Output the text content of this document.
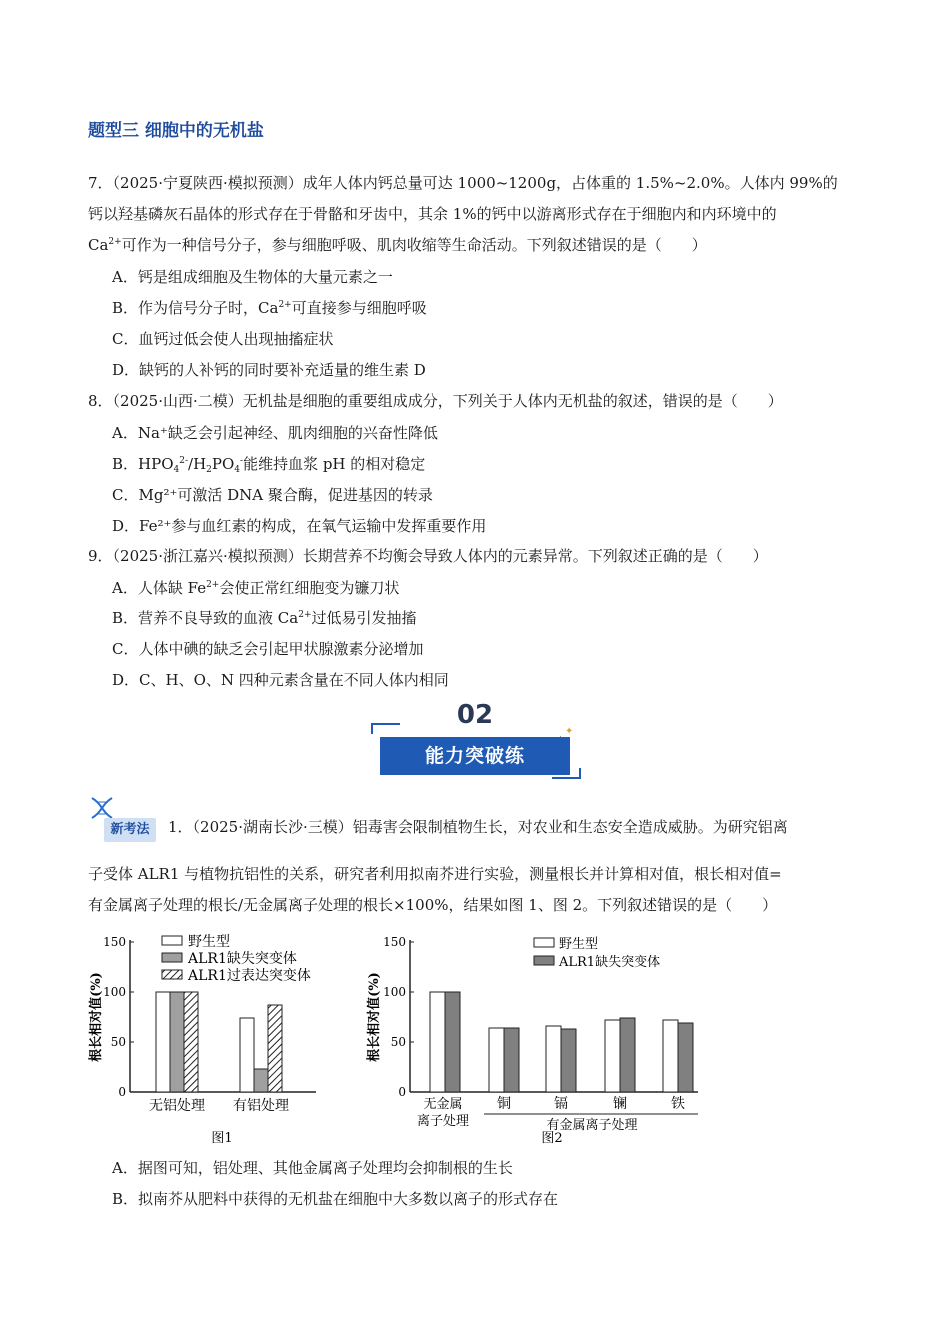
题型三 细胞中的无机盐
7．（2025·宁夏陕西·模拟预测）成年人体内钙总量可达 1000~1200g，占体重的 1.5%~2.0%。人体内 99%的
钙以羟基磷灰石晶体的形式存在于骨骼和牙齿中，其余 1%的钙中以游离形式存在于细胞内和内环境中的
$Ca^{2+}$可作为一种信号分子，参与细胞呼吸、肌肉收缩等生命活动。下列叙述错误的是（　　）
A．钙是组成细胞及生物体的大量元素之一
B．作为信号分子时，$Ca^{2+}$可直接参与细胞呼吸
C．血钙过低会使人出现抽搐症状
D．缺钙的人补钙的同时要补充适量的维生素 D
8．（2025·山西·二模）无机盐是细胞的重要组成成分，下列关于人体内无机盐的叙述，错误的是（　　）
A．Na⁺缺乏会引起神经、肌肉细胞的兴奋性降低
B．$HPO_4^{2-}/H_2PO_4^-$能维持血浆 pH 的相对稳定
C．Mg²⁺可激活 DNA 聚合酶，促进基因的转录
D．Fe²⁺参与血红素的构成，在氧气运输中发挥重要作用
9．（2025·浙江嘉兴·模拟预测）长期营养不均衡会导致人体内的元素异常。下列叙述正确的是（　　）
A．人体缺 $Fe^{2+}$会使正常红细胞变为镰刀状
B．营养不良导致的血液 $Ca^{2+}$过低易引发抽搐
C．人体中碘的缺乏会引起甲状腺激素分泌增加
D．C、H、O、N 四种元素含量在不同人体内相同
✦
02
能力突破练
新考法	1．（2025·湖南长沙·三模）铝毒害会限制植物生长，对农业和生态安全造成威胁。为研究铝离
子受体 ALR1 与植物抗铝性的关系，研究者利用拟南芥进行实验，测量根长并计算相对值，根长相对值=
有金属离子处理的根长/无金属离子处理的根长×100%，结果如图 1、图 2。下列叙述错误的是（　　）
0
50
100
150
根长相对值(%)
无铝处理 有铝处理
图1
野生型
ALR1缺失突变体
ALR1过表达突变体
0
50
100
150
根长相对值(%)
铜	镉	镧	铁
无金属
离子处理	有金属离子处理
图2
野生型
ALR1缺失突变体
A．据图可知，铝处理、其他金属离子处理均会抑制根的生长
B．拟南芥从肥料中获得的无机盐在细胞中大多数以离子的形式存在
